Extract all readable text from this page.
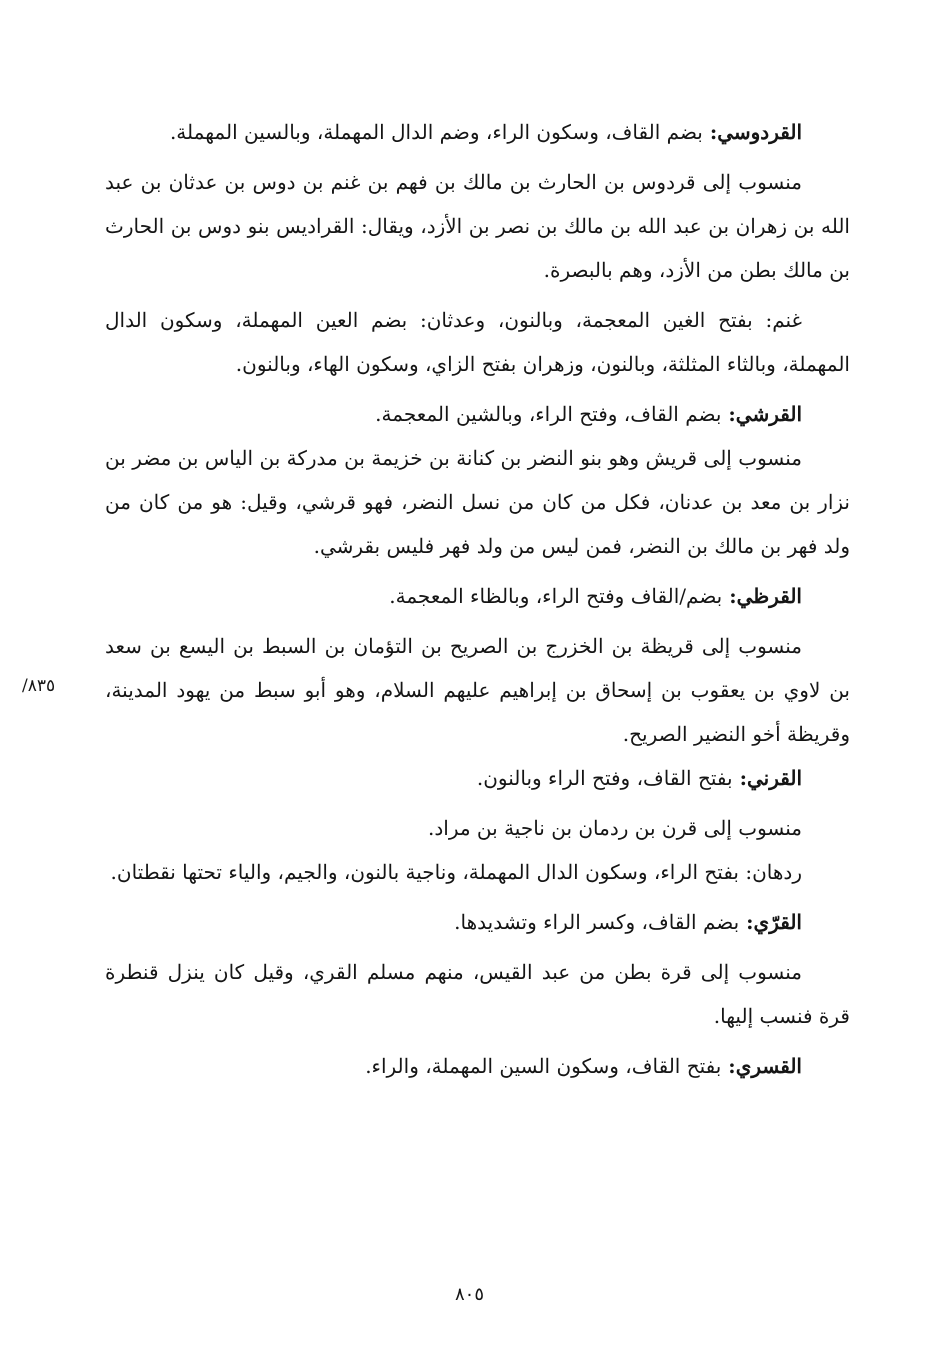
القردوسي: بضم القاف، وسكون الراء، وضم الدال المهملة، وبالسين المهملة.

منسوب إلى قردوس بن الحارث بن مالك بن فهم بن غنم بن دوس بن عدثان بن عبد الله بن زهران بن عبد الله بن مالك بن نصر بن الأزد، ويقال: القراديس بنو دوس بن الحارث بن مالك بطن من الأزد، وهم بالبصرة.

غنم: بفتح الغين المعجمة، وبالنون، وعدثان: بضم العين المهملة، وسكون الدال المهملة، وبالثاء المثلثة، وبالنون، وزهران بفتح الزاي، وسكون الهاء، وبالنون.

القرشي: بضم القاف، وفتح الراء، وبالشين المعجمة.

منسوب إلى قريش وهو بنو النضر بن كنانة بن خزيمة بن مدركة بن الياس بن مضر بن نزار بن معد بن عدنان، فكل من كان من نسل النضر، فهو قرشي، وقيل: هو من كان من ولد فهر بن مالك بن النضر، فمن ليس من ولد فهر فليس بقرشي.

القرظي: بضم/القاف وفتح الراء، وبالظاء المعجمة.

منسوب إلى قريظة بن الخزرج بن الصريح بن التؤمان بن السبط بن اليسع بن سعد بن لاوي بن يعقوب بن إسحاق بن إبراهيم عليهم السلام، وهو أبو سبط من يهود المدينة، وقريظة أخو النضير الصريح.

القرني: بفتح القاف، وفتح الراء وبالنون.

منسوب إلى قرن بن ردمان بن ناجية بن مراد.

ردهان: بفتح الراء، وسكون الدال المهملة، وناجية بالنون، والجيم، والياء تحتها نقطتان.

القرّي: بضم القاف، وكسر الراء وتشديدها.

منسوب إلى قرة بطن من عبد القيس، منهم مسلم القري، وقيل كان ينزل قنطرة قرة فنسب إليها.

القسري: بفتح القاف، وسكون السين المهملة، والراء.

٨٣٥/
٨٠٥
